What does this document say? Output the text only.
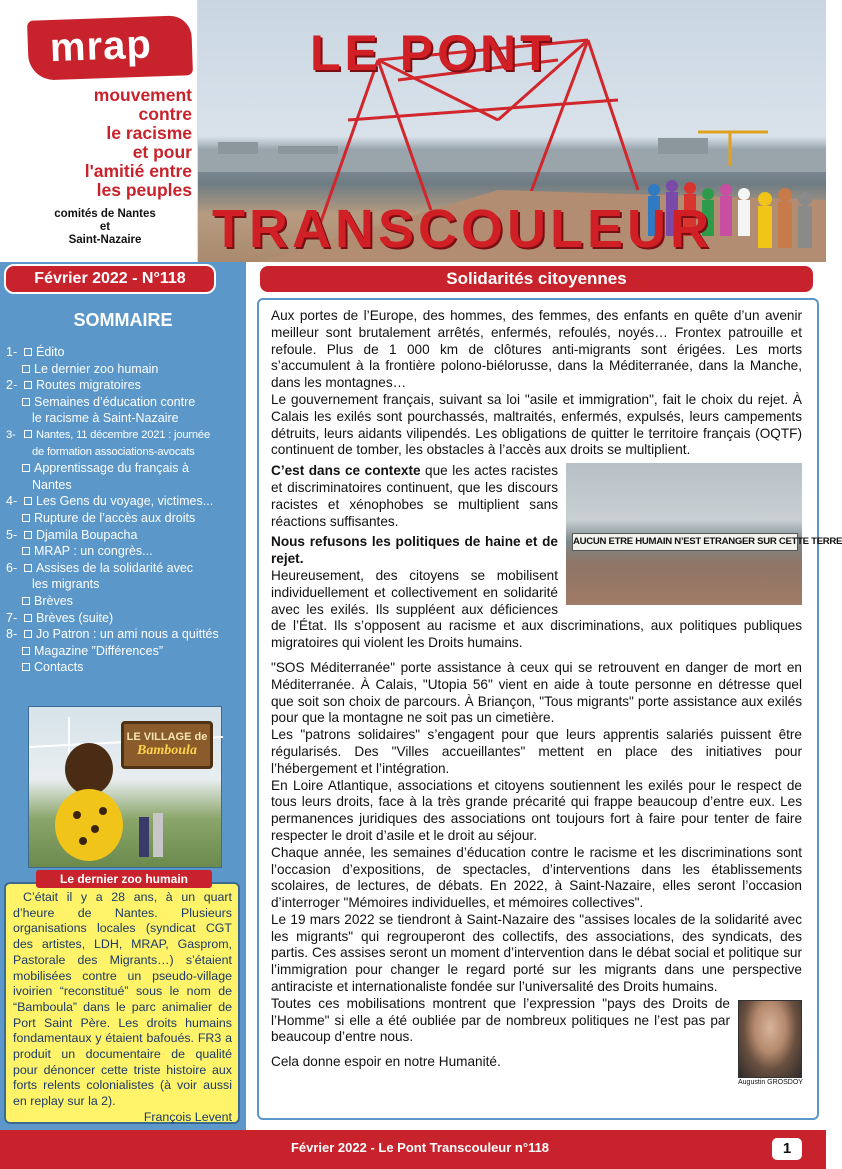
mrap
mouvement
contre
le racisme
et pour
l'amitié entre
les peuples
comités de Nantes
et
Saint-Nazaire
LE PONT
TRANSCOULEUR
Février 2022 - N°118
SOMMAIRE
1- Édito
Le dernier zoo humain
2- Routes migratoires
Semaines d’éducation contre
le racisme à Saint-Nazaire
3- Nantes, 11 décembre 2021 : journée
de formation associations-avocats
Apprentissage du français à
Nantes
4- Les Gens du voyage, victimes...
Rupture de l’accès aux droits
5- Djamila Boupacha
MRAP : un congrès...
6- Assises de la solidarité avec
les migrants
Brèves
7- Brèves (suite)
8- Jo Patron : un ami nous a quittés
Magazine ”Différences”
Contacts
LE VILLAGE de
Bamboula

C’était il y a 28 ans, à un quart d’heure de Nantes. Plusieurs organisations locales (syndicat CGT des artistes, LDH, MRAP, Gasprom, Pastorale des Migrants…) s’étaient mobilisées contre un pseudo-village ivoirien “reconstitué” sous le nom de “Bamboula” dans le parc animalier de Port Saint Père. Les droits humains fondamentaux y étaient bafoués. FR3 a produit un documentaire de qualité pour dénoncer cette triste histoire aux forts relents colonialistes (à voir aussi en replay sur la 2).

François Levent

Le dernier zoo humain
Solidarités citoyennes

Aux portes de l’Europe, des hommes, des femmes, des enfants en quête d’un avenir meilleur sont brutalement arrêtés, enfermés, refoulés, noyés… Frontex patrouille et refoule. Plus de 1 000 km de clôtures anti-migrants sont érigées. Les morts s’accumulent à la frontière polono-biélorusse, dans la Méditerranée, dans la Manche, dans les montagnes…

Le gouvernement français, suivant sa loi "asile et immigration", fait le choix du rejet. À Calais les exilés sont pourchassés, maltraités, enfermés, expulsés, leurs campements détruits, leurs aidants vilipendés. Les obligations de quitter le territoire français (OQTF) continuent de tomber, les obstacles à l’accès aux droits se multiplient.

AUCUN ETRE HUMAIN N’EST ETRANGER SUR CETTE TERRE

C’est dans ce contexte que les actes racistes et discriminatoires continuent, que les discours racistes et xénophobes se multiplient sans réactions suffisantes.

Nous refusons les politiques de haine et de rejet.

Heureusement, des citoyens se mobilisent individuellement et collectivement en solidarité avec les exilés. Ils suppléent aux déficiences de l’État. Ils s’opposent au racisme et aux discriminations, aux politiques publiques migratoires qui violent les Droits humains.

"SOS Méditerranée" porte assistance à ceux qui se retrouvent en danger de mort en Méditerranée. À Calais, "Utopia 56" vient en aide à toute personne en détresse quel que soit son choix de parcours. À Briançon, "Tous migrants" porte assistance aux exilés pour que la montagne ne soit pas un cimetière.

Les "patrons solidaires" s’engagent pour que leurs apprentis salariés puissent être régularisés. Des "Villes accueillantes" mettent en place des initiatives pour l’hébergement et l’intégration.

En Loire Atlantique, associations et citoyens soutiennent les exilés pour le respect de tous leurs droits, face à la très grande précarité qui frappe beaucoup d’entre eux. Les permanences juridiques des associations ont toujours fort à faire pour tenter de faire respecter le droit d’asile et le droit au séjour.

Chaque année, les semaines d’éducation contre le racisme et les discriminations sont l’occasion d’expositions, de spectacles, d’interventions dans les établissements scolaires, de lectures, de débats. En 2022, à Saint-Nazaire, elles seront l’occasion d’interroger "Mémoires individuelles, et mémoires collectives".

Le 19 mars 2022 se tiendront à Saint-Nazaire des "assises locales de la solidarité avec les migrants" qui regrouperont des collectifs, des associations, des syndicats, des partis. Ces assises seront un moment d’intervention dans le débat social et politique sur l’immigration pour changer le regard porté sur les migrants dans une perspective antiraciste et internationaliste fondée sur l’universalité des Droits humains.

Augustin GROSDOY

Toutes ces mobilisations montrent que l’expression "pays des Droits de l’Homme" si elle a été oubliée par de nombreux politiques ne l’est pas par beaucoup d’entre nous.

Cela donne espoir en notre Humanité.

Février 2022 - Le Pont Transcouleur n°118	1
